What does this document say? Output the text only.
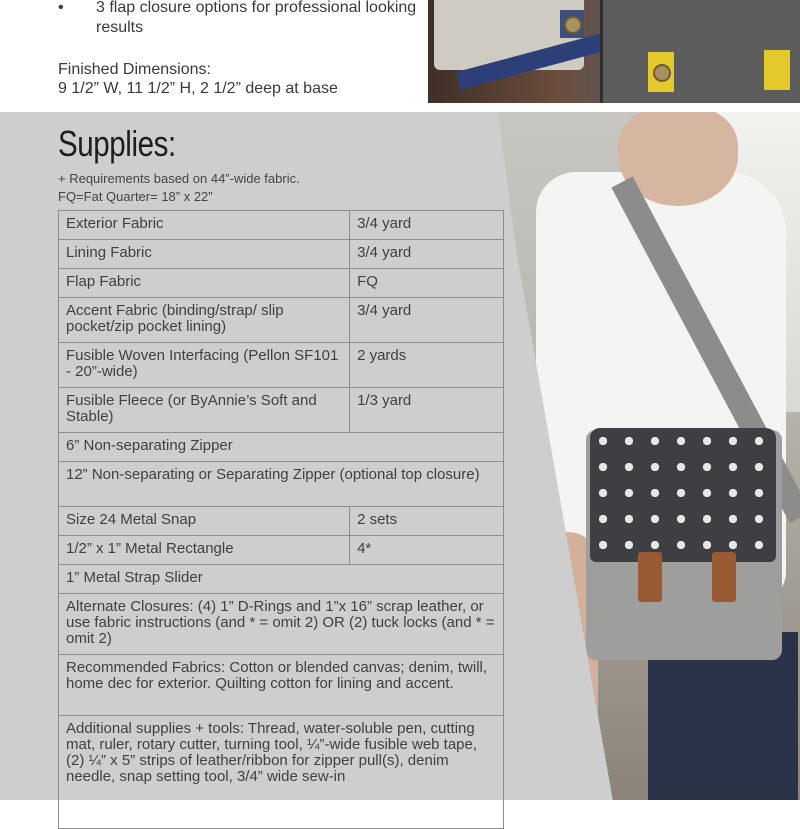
• 3 flap closure options for professional looking results
Finished Dimensions:
9 1/2” W, 11 1/2” H, 2 1/2” deep at base
Supplies:
+ Requirements based on 44”-wide fabric.
FQ=Fat Quarter= 18” x 22”
Exterior Fabric	3/4 yard
Lining Fabric	3/4 yard
Flap Fabric	FQ
Accent Fabric (binding/strap/ slip pocket/zip pocket lining)	3/4 yard
Fusible Woven Interfacing (Pellon SF101 - 20”-wide)	2 yards
Fusible Fleece (or ByAnnie’s Soft and Stable)	1/3 yard
6” Non-separating Zipper	
12” Non-separating or Separating Zipper (optional top closure)	
Size 24 Metal Snap	2 sets
1/2” x 1” Metal Rectangle	4*
1” Metal Strap Slider	
Alternate Closures: (4) 1” D-Rings and 1”x 16” scrap leather, or use fabric instructions (and * = omit 2) OR (2) tuck locks (and * = omit 2)	
Recommended Fabrics: Cotton or blended canvas; denim, twill, home dec for exterior. Quilting cotton for lining and accent.	
Additional supplies + tools: Thread, water-soluble pen, cutting mat, ruler, rotary cutter, turning tool, ¼”-wide fusible web tape, (2) ¼” x 5” strips of leather/ribbon for zipper pull(s), denim needle, snap setting tool, 3/4” wide sew-in	
